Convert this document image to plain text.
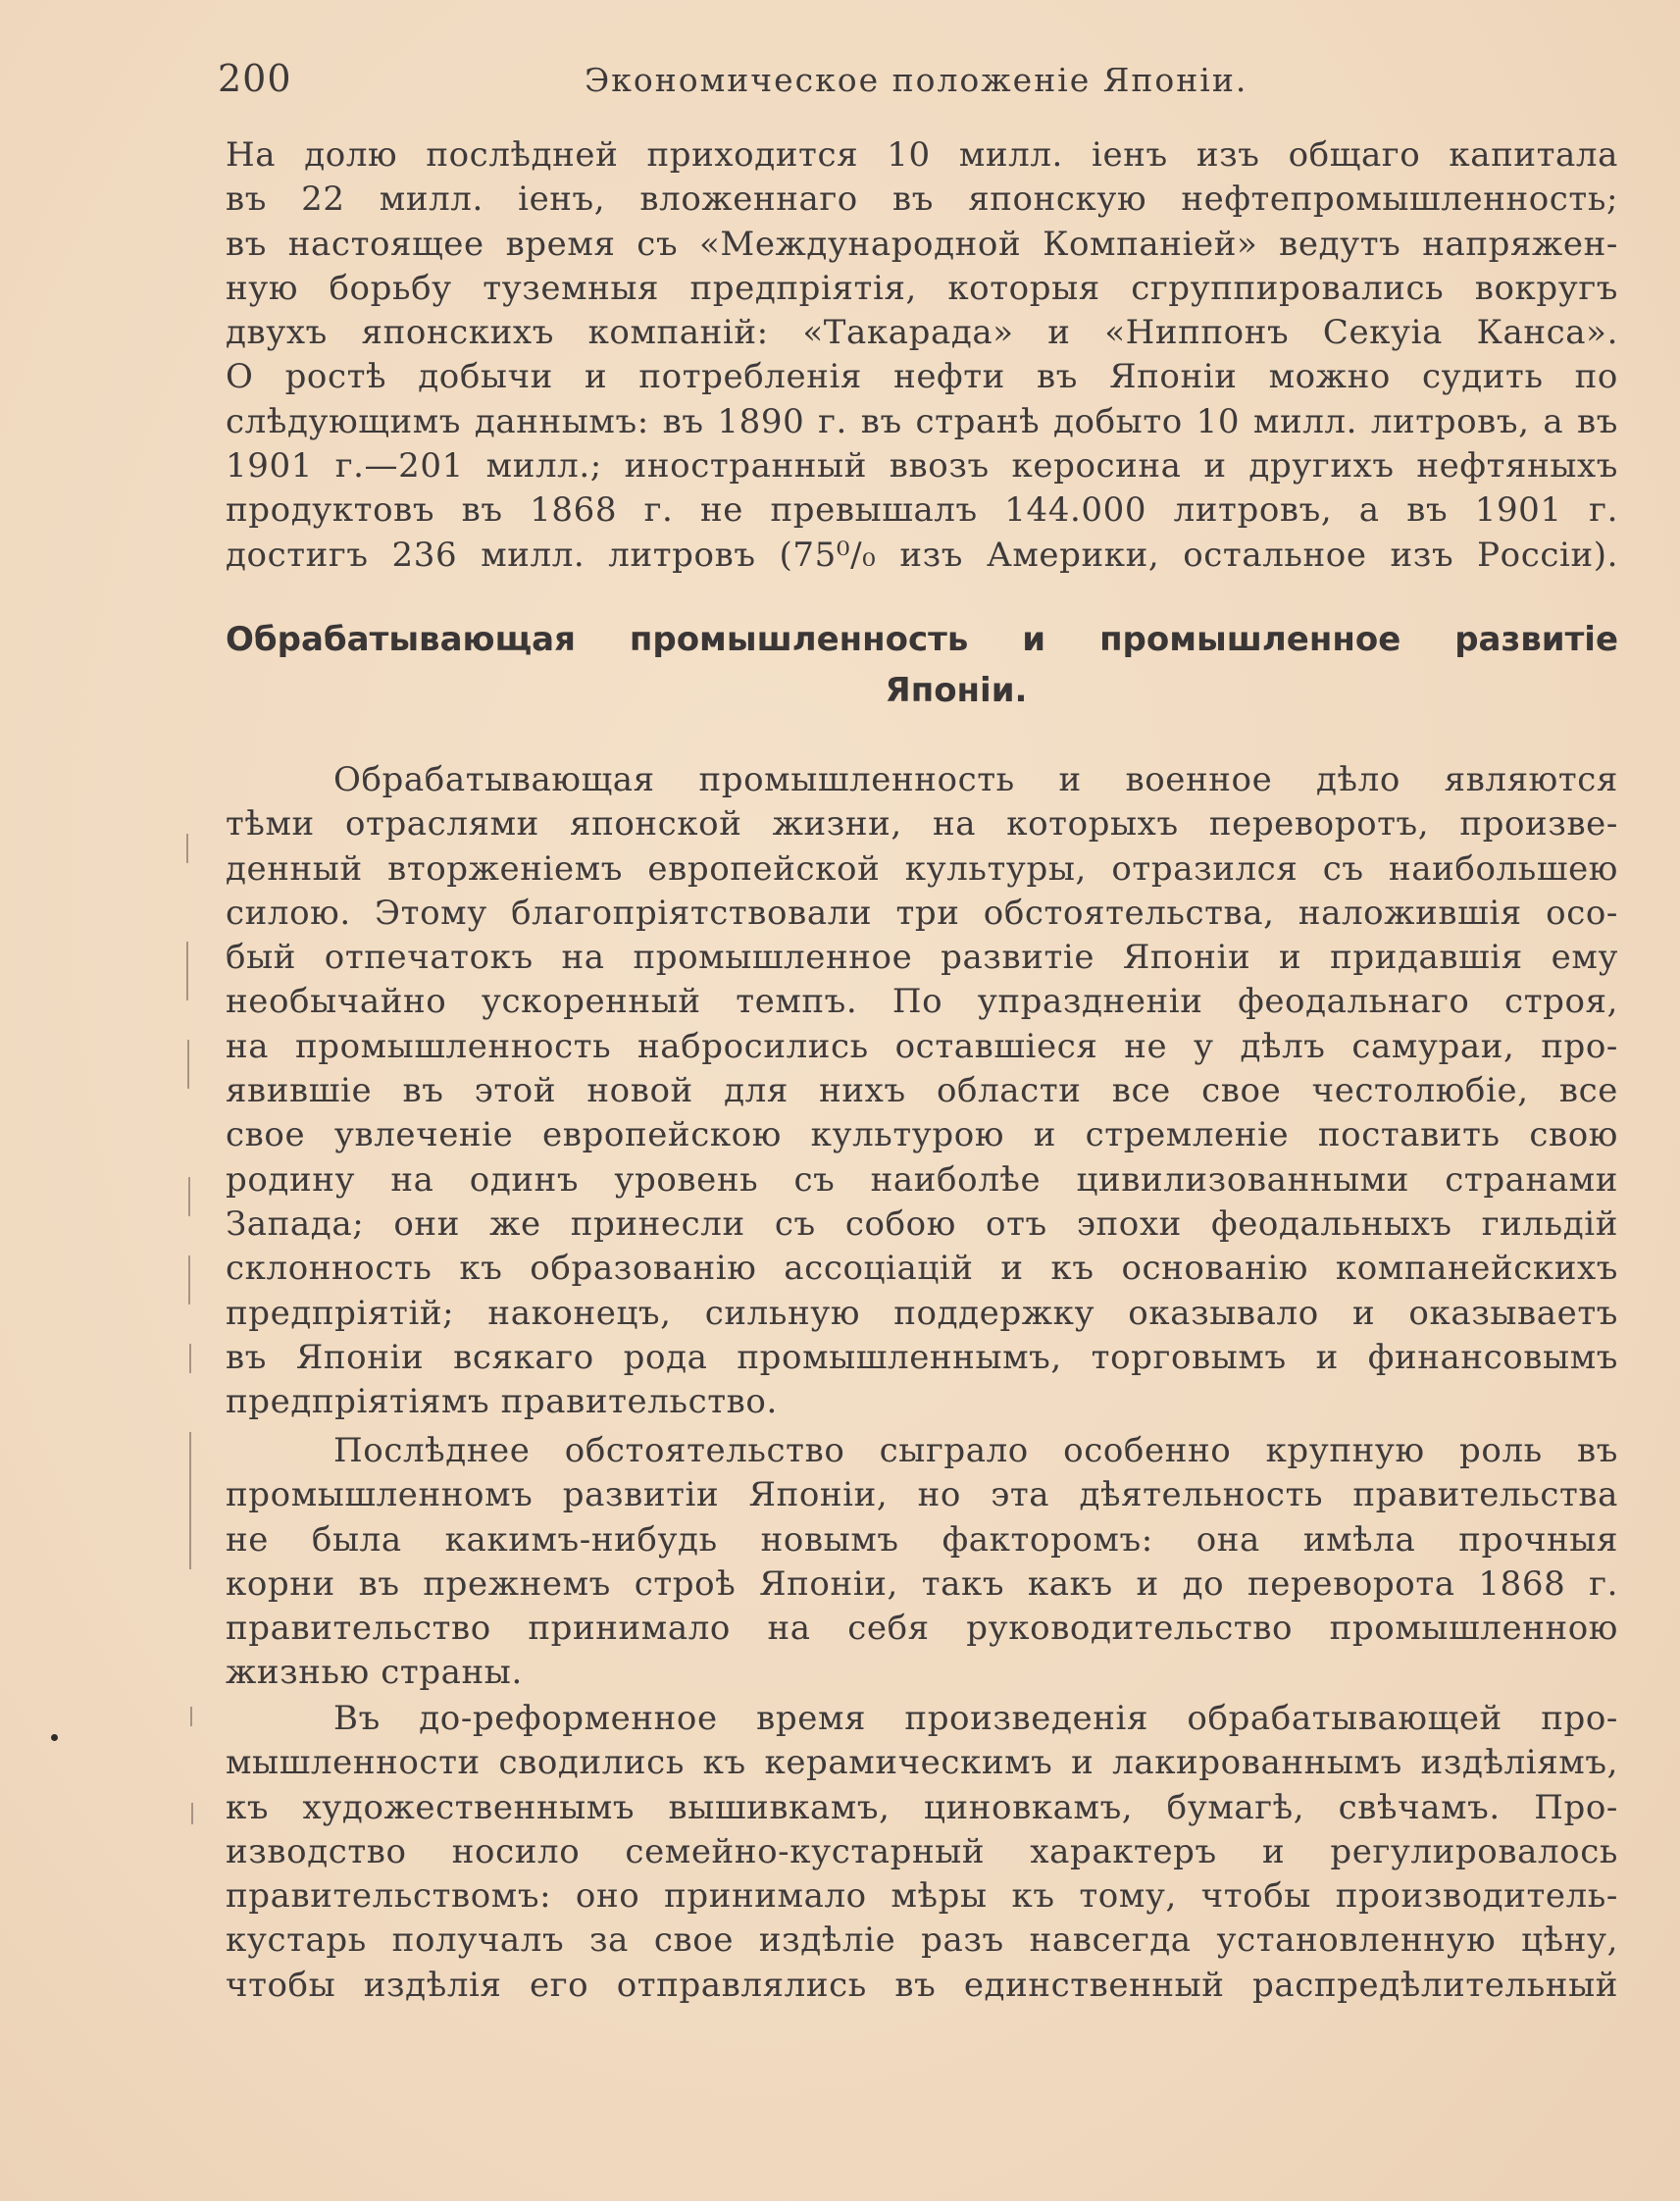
200	Экономическое положенiе Японiи.
На долю послѣдней приходится 10 милл. iенъ изъ общаго капитала
въ 22 милл. iенъ, вложеннаго въ японскую нефтепромышленность;
въ настоящее время съ «Международной Компанiей» ведутъ напряжен-
ную борьбу туземныя предпрiятiя, которыя сгруппировались вокругъ
двухъ японскихъ компанiй: «Такарада» и «Ниппонъ Секуiа Канса».
О ростѣ добычи и потребленiя нефти въ Японiи можно судить по
слѣдующимъ даннымъ: въ 1890 г. въ странѣ добыто 10 милл. литровъ, а въ
1901 г.—201 милл.; иностранный ввозъ керосина и другихъ нефтяныхъ
продуктовъ въ 1868 г. не превышалъ 144.000 литровъ, а въ 1901 г.
достигъ 236 милл. литровъ (75⁰/₀ изъ Америки, остальное изъ Россiи).
Обрабатывающая промышленность и промышленное развитiе
Японiи.
Обрабатывающая промышленность и военное дѣло являются
тѣми отраслями японской жизни, на которыхъ переворотъ, произве-
денный вторженiемъ европейской культуры, отразился съ наибольшею
силою. Этому благопрiятствовали три обстоятельства, наложившiя осо-
бый отпечатокъ на промышленное развитiе Японiи и придавшiя ему
необычайно ускоренный темпъ. По упраздненiи феодальнаго строя,
на промышленность набросились оставшiеся не у дѣлъ самураи, про-
явившiе въ этой новой для нихъ области все свое честолюбiе, все
свое увлеченiе европейскою культурою и стремленiе поставить свою
родину на одинъ уровень съ наиболѣе цивилизованными странами
Запада; они же принесли съ собою отъ эпохи феодальныхъ гильдiй
склонность къ образованiю ассоцiацiй и къ основанiю компанейскихъ
предпрiятiй; наконецъ, сильную поддержку оказывало и оказываетъ
въ Японiи всякаго рода промышленнымъ, торговымъ и финансовымъ
предпрiятiямъ правительство.
Послѣднее обстоятельство сыграло особенно крупную роль въ
промышленномъ развитiи Японiи, но эта дѣятельность правительства
не была какимъ-нибудь новымъ факторомъ: она имѣла прочныя
корни въ прежнемъ строѣ Японiи, такъ какъ и до переворота 1868 г.
правительство принимало на себя руководительство промышленною
жизнью страны.
Въ до-реформенное время произведенiя обрабатывающей про-
мышленности сводились къ керамическимъ и лакированнымъ издѣлiямъ,
къ художественнымъ вышивкамъ, циновкамъ, бумагѣ, свѣчамъ. Про-
изводство носило семейно-кустарный характеръ и регулировалось
правительствомъ: оно принимало мѣры къ тому, чтобы производитель-
кустарь получалъ за свое издѣлiе разъ навсегда установленную цѣну,
чтобы издѣлiя его отправлялись въ единственный распредѣлительный
